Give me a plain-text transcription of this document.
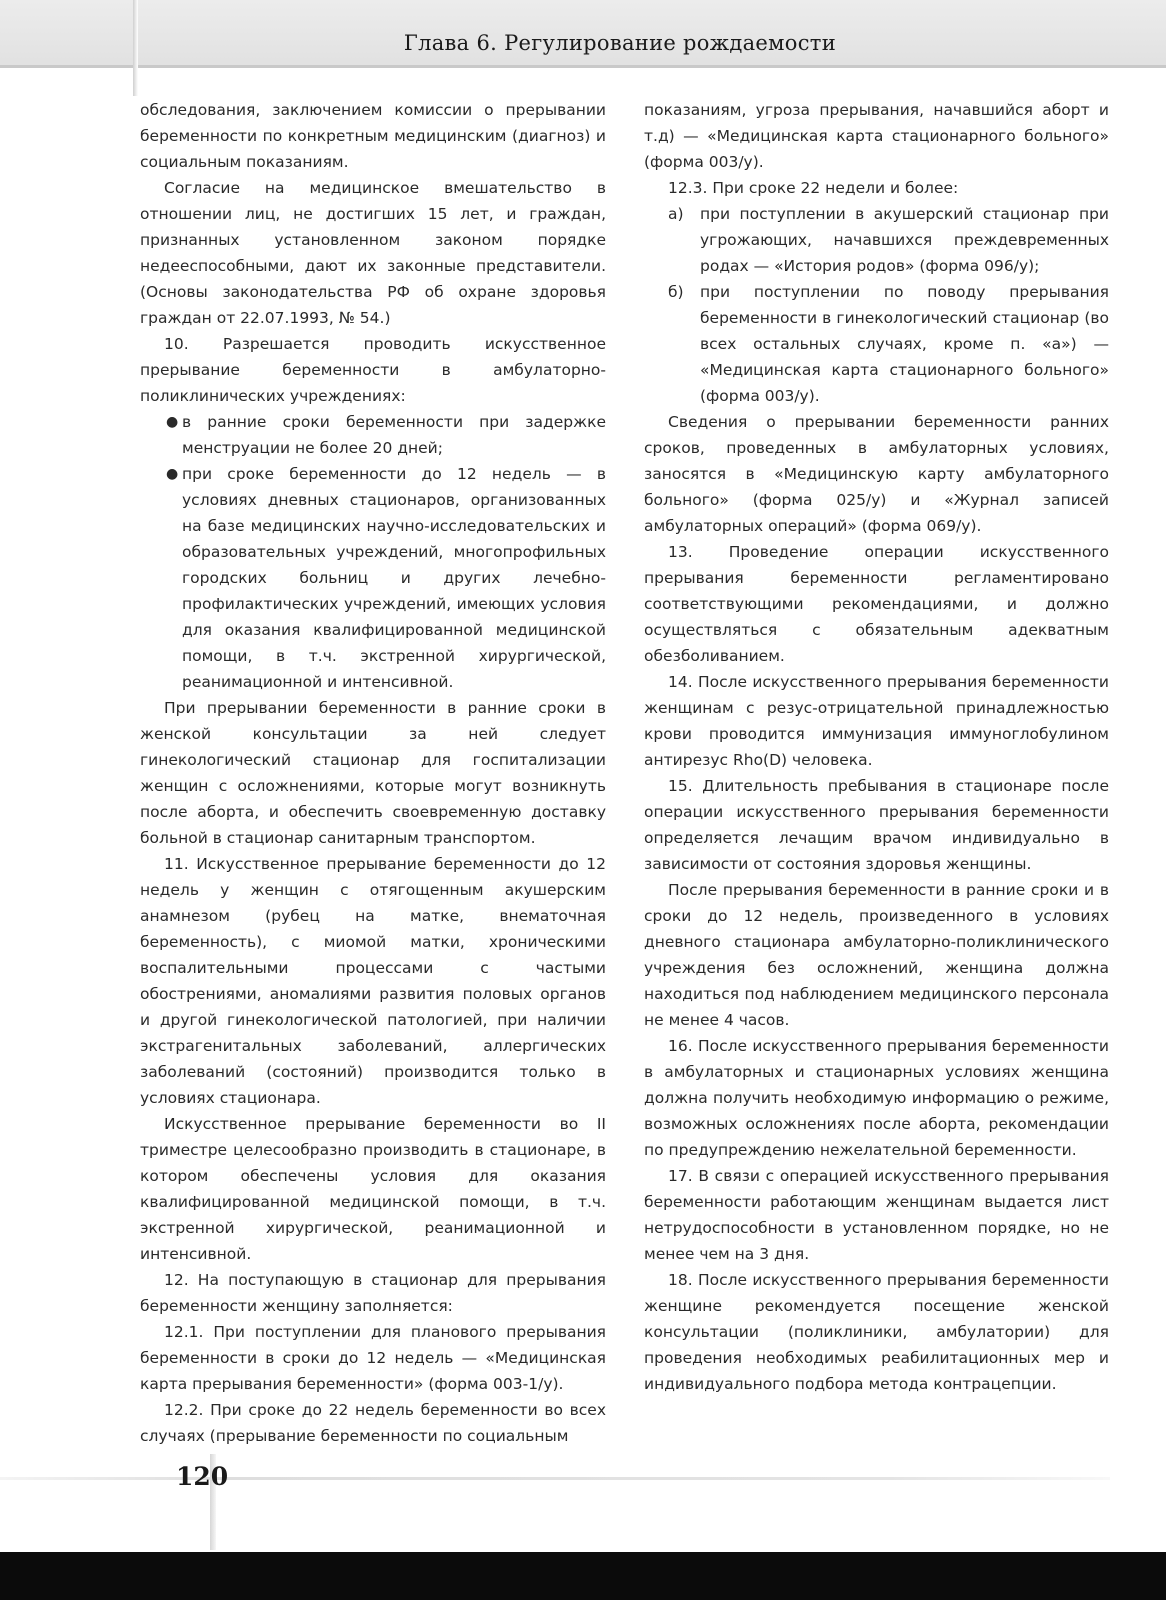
Глава 6. Регулирование рождаемости

обследования, заключением комиссии о прерывании беременности по конкретным медицинским (диагноз) и социальным показаниям.

Согласие на медицинское вмешательство в отношении лиц, не достигших 15 лет, и граждан, признанных установленном законом порядке недееспособными, дают их законные представители. (Основы законодательства РФ об охране здоровья граждан от 22.07.1993, № 54.)

10. Разрешается проводить искусственное прерывание беременности в амбулаторно-поликлинических учреждениях:

● в ранние сроки беременности при задержке менструации не более 20 дней;
● при сроке беременности до 12 недель — в условиях дневных стационаров, организованных на базе медицинских научно-исследовательских и образовательных учреждений, многопрофильных городских больниц и других лечебно-профилактических учреждений, имеющих условия для оказания квалифицированной медицинской помощи, в т.ч. экстренной хирургической, реанимационной и интенсивной.

При прерывании беременности в ранние сроки в женской консультации за ней следует гинекологический стационар для госпитализации женщин с осложнениями, которые могут возникнуть после аборта, и обеспечить своевременную доставку больной в стационар санитарным транспортом.

11. Искусственное прерывание беременности до 12 недель у женщин с отягощенным акушерским анамнезом (рубец на матке, внематочная беременность), с миомой матки, хроническими воспалительными процессами с частыми обострениями, аномалиями развития половых органов и другой гинекологической патологией, при наличии экстрагенитальных заболеваний, аллергических заболеваний (состояний) производится только в условиях стационара.

Искусственное прерывание беременности во II триместре целесообразно производить в стационаре, в котором обеспечены условия для оказания квалифицированной медицинской помощи, в т.ч. экстренной хирургической, реанимационной и интенсивной.

12. На поступающую в стационар для прерывания беременности женщину заполняется:

12.1. При поступлении для планового прерывания беременности в сроки до 12 недель — «Медицинская карта прерывания беременности» (форма 003-1/у).

12.2. При сроке до 22 недель беременности во всех случаях (прерывание беременности по социальным

показаниям, угроза прерывания, начавшийся аборт и т.д) — «Медицинская карта стационарного больного» (форма 003/у).

12.3. При сроке 22 недели и более:

а) при поступлении в акушерский стационар при угрожающих, начавшихся преждевременных родах — «История родов» (форма 096/у);
б) при поступлении по поводу прерывания беременности в гинекологический стационар (во всех остальных случаях, кроме п. «а») — «Медицинская карта стационарного больного» (форма 003/у).

Сведения о прерывании беременности ранних сроков, проведенных в амбулаторных условиях, заносятся в «Медицинскую карту амбулаторного больного» (форма 025/у) и «Журнал записей амбулаторных операций» (форма 069/у).

13. Проведение операции искусственного прерывания беременности регламентировано соответствующими рекомендациями, и должно осуществляться с обязательным адекватным обезболиванием.

14. После искусственного прерывания беременности женщинам с резус-отрицательной принадлежностью крови проводится иммунизация иммуноглобулином антирезус Rho(D) человека.

15. Длительность пребывания в стационаре после операции искусственного прерывания беременности определяется лечащим врачом индивидуально в зависимости от состояния здоровья женщины.

После прерывания беременности в ранние сроки и в сроки до 12 недель, произведенного в условиях дневного стационара амбулаторно-поликлинического учреждения без осложнений, женщина должна находиться под наблюдением медицинского персонала не менее 4 часов.

16. После искусственного прерывания беременности в амбулаторных и стационарных условиях женщина должна получить необходимую информацию о режиме, возможных осложнениях после аборта, рекомендации по предупреждению нежелательной беременности.

17. В связи с операцией искусственного прерывания беременности работающим женщинам выдается лист нетрудоспособности в установленном порядке, но не менее чем на 3 дня.

18. После искусственного прерывания беременности женщине рекомендуется посещение женской консультации (поликлиники, амбулатории) для проведения необходимых реабилитационных мер и индивидуального подбора метода контрацепции.

120
